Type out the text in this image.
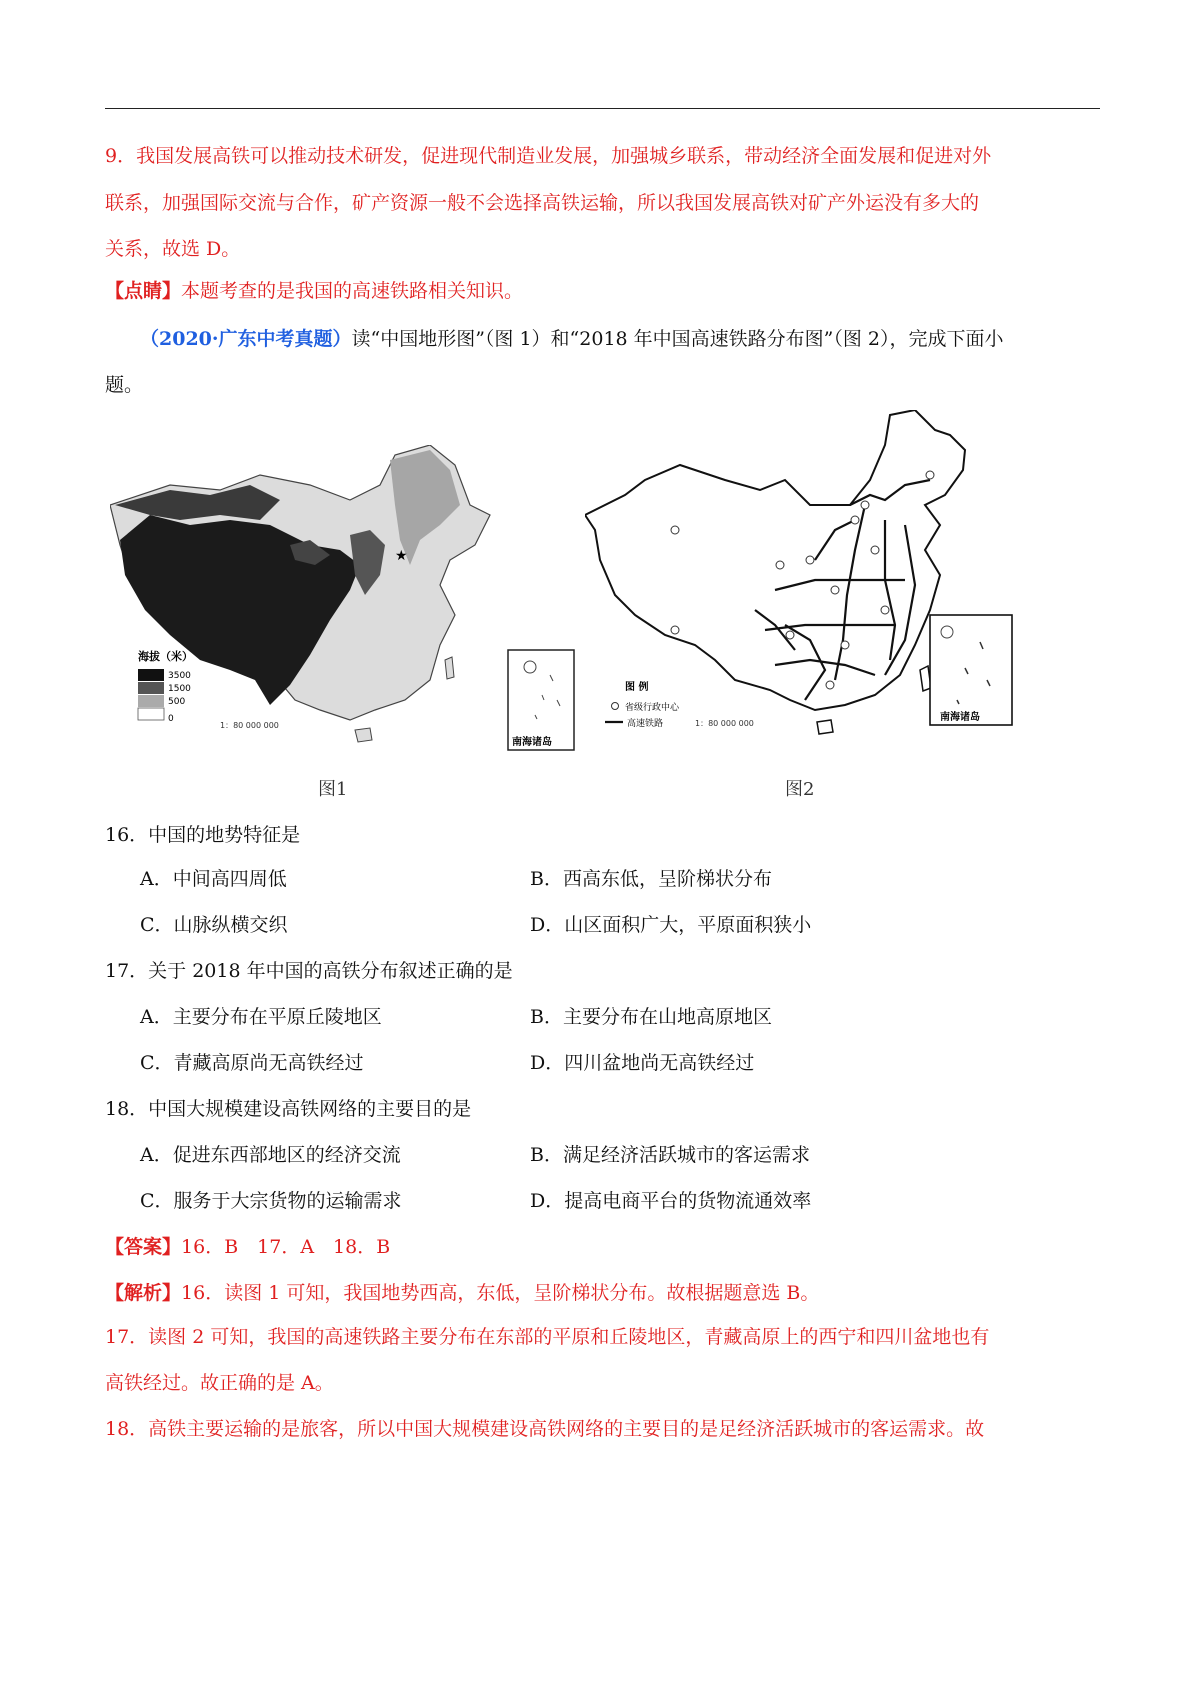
9．我国发展高铁可以推动技术研发，促进现代制造业发展，加强城乡联系，带动经济全面发展和促进对外
联系，加强国际交流与合作，矿产资源一般不会选择高铁运输，所以我国发展高铁对矿产外运没有多大的
关系，故选 D。
【点睛】本题考查的是我国的高速铁路相关知识。
（2020·广东中考真题）读“中国地形图”（图 1）和“2018 年中国高速铁路分布图”（图 2），完成下面小
题。
★
海拔（米）
3500
1500
500
0
1：80 000 000
南海诸岛
图1
图 例
省级行政中心
高速铁路	1：80 000 000
南海诸岛
图2
16．中国的地势特征是
A．中间高四周低	B．西高东低，呈阶梯状分布
C．山脉纵横交织	D．山区面积广大，平原面积狭小
17．关于 2018 年中国的高铁分布叙述正确的是
A．主要分布在平原丘陵地区	B．主要分布在山地高原地区
C．青藏高原尚无高铁经过	D．四川盆地尚无高铁经过
18．中国大规模建设高铁网络的主要目的是
A．促进东西部地区的经济交流	B．满足经济活跃城市的客运需求
C．服务于大宗货物的运输需求	D．提高电商平台的货物流通效率
【答案】16．B　17．A　18．B
【解析】16．读图 1 可知，我国地势西高，东低，呈阶梯状分布。故根据题意选 B。
17．读图 2 可知，我国的高速铁路主要分布在东部的平原和丘陵地区，青藏高原上的西宁和四川盆地也有
高铁经过。故正确的是 A。
18．高铁主要运输的是旅客，所以中国大规模建设高铁网络的主要目的是足经济活跃城市的客运需求。故
